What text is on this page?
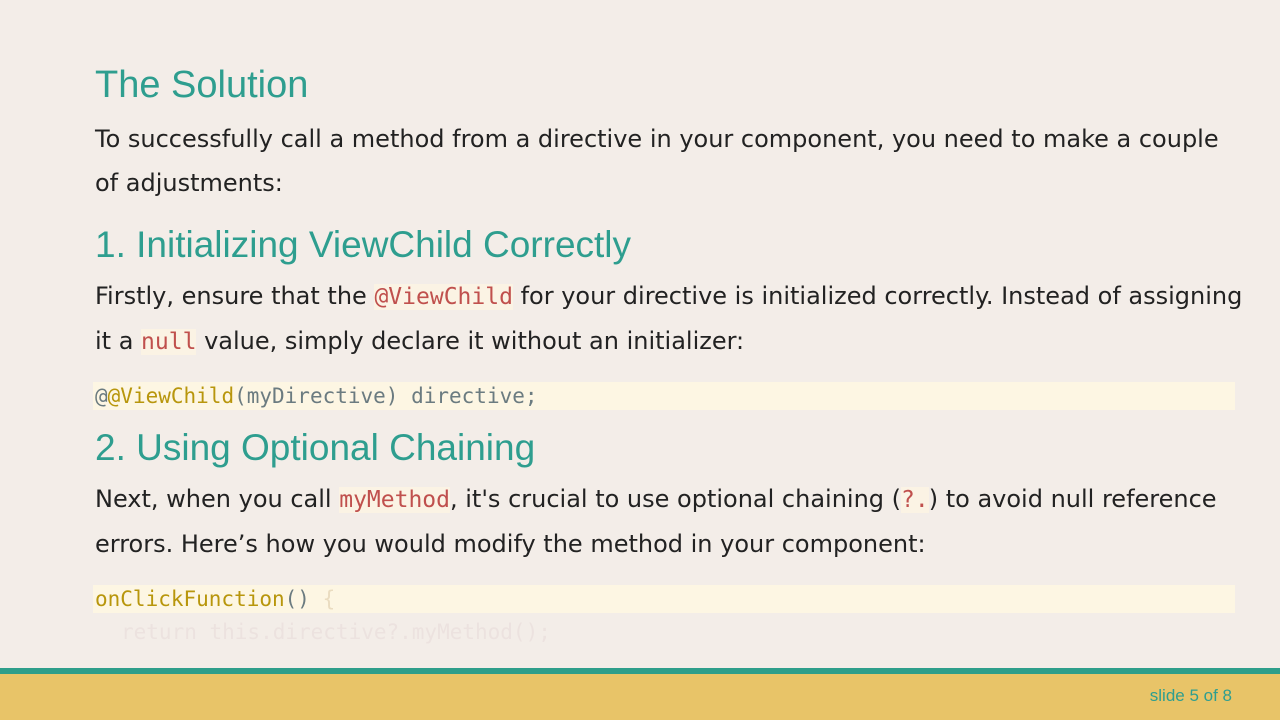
The Solution

To successfully call a method from a directive in your component, you need to make a couple of adjustments:

1. Initializing ViewChild Correctly

Firstly, ensure that the @ViewChild for your directive is initialized correctly. Instead of assigning it a null value, simply declare it without an initializer:

@@ViewChild(myDirective) directive;
2. Using Optional Chaining

Next, when you call myMethod, it's crucial to use optional chaining (?.) to avoid null reference errors. Here’s how you would modify the method in your component:

onClickFunction() {
return this.directive?.myMethod();
slide 5 of 8
